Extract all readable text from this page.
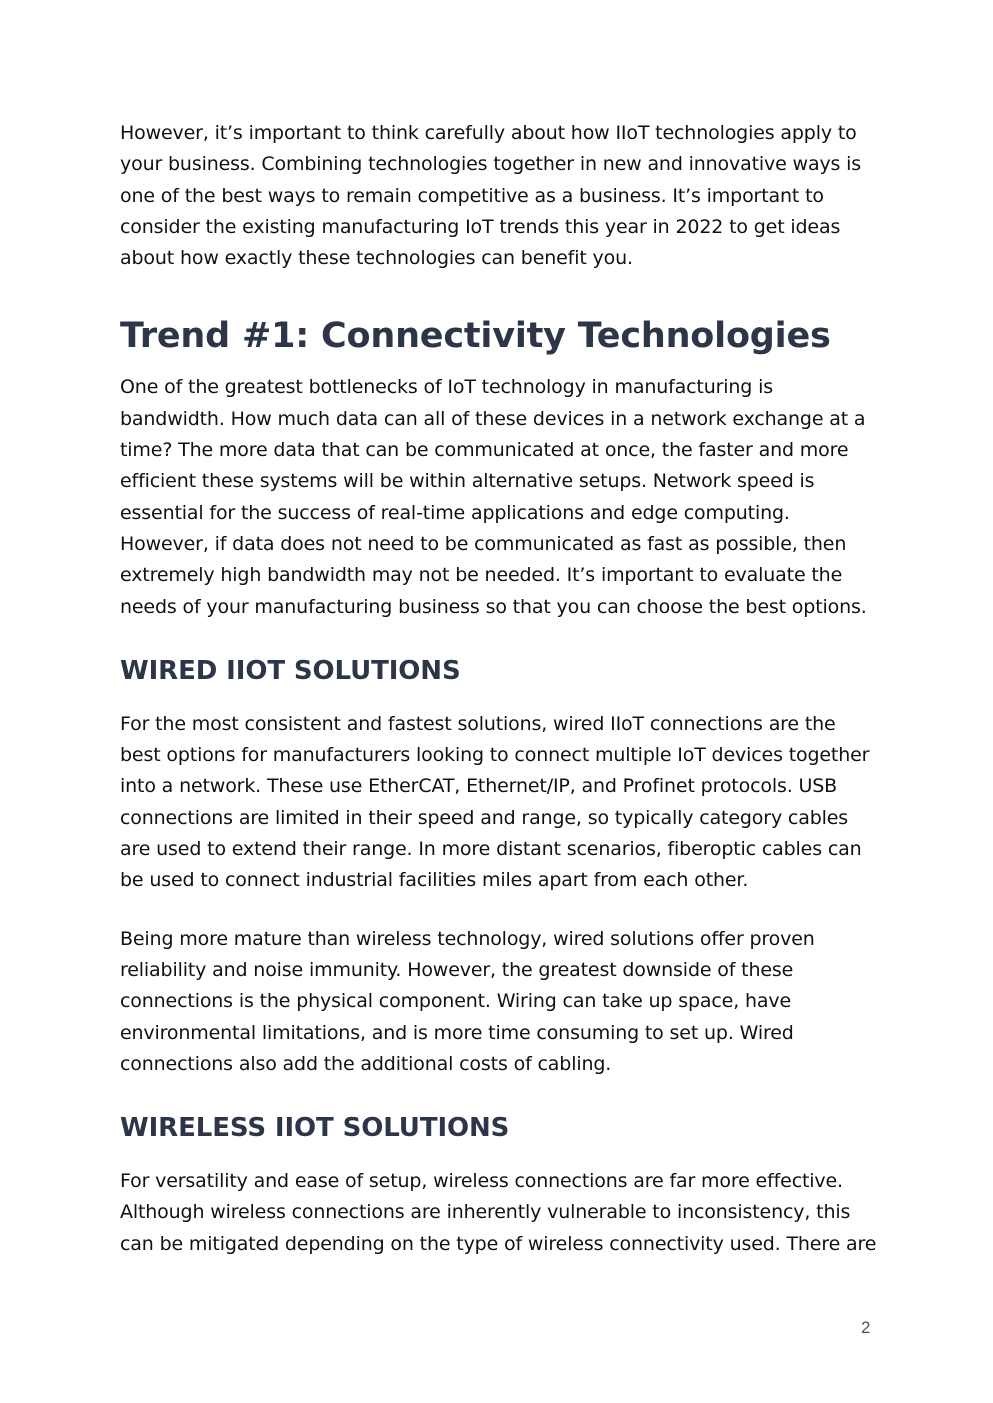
However, it’s important to think carefully about how IIoT technologies apply to your business. Combining technologies together in new and innovative ways is one of the best ways to remain competitive as a business. It’s important to consider the existing manufacturing IoT trends this year in 2022 to get ideas about how exactly these technologies can benefit you.

Trend #1: Connectivity Technologies

One of the greatest bottlenecks of IoT technology in manufacturing is bandwidth. How much data can all of these devices in a network exchange at a time? The more data that can be communicated at once, the faster and more efficient these systems will be within alternative setups. Network speed is essential for the success of real-time applications and edge computing. However, if data does not need to be communicated as fast as possible, then extremely high bandwidth may not be needed. It’s important to evaluate the needs of your manufacturing business so that you can choose the best options.

WIRED IIOT SOLUTIONS

For the most consistent and fastest solutions, wired IIoT connections are the best options for manufacturers looking to connect multiple IoT devices together into a network. These use EtherCAT, Ethernet/IP, and Profinet protocols. USB connections are limited in their speed and range, so typically category cables are used to extend their range. In more distant scenarios, fiberoptic cables can be used to connect industrial facilities miles apart from each other.

Being more mature than wireless technology, wired solutions offer proven reliability and noise immunity. However, the greatest downside of these connections is the physical component. Wiring can take up space, have environmental limitations, and is more time consuming to set up. Wired connections also add the additional costs of cabling.

WIRELESS IIOT SOLUTIONS

For versatility and ease of setup, wireless connections are far more effective. Although wireless connections are inherently vulnerable to inconsistency, this can be mitigated depending on the type of wireless connectivity used. There are

2
